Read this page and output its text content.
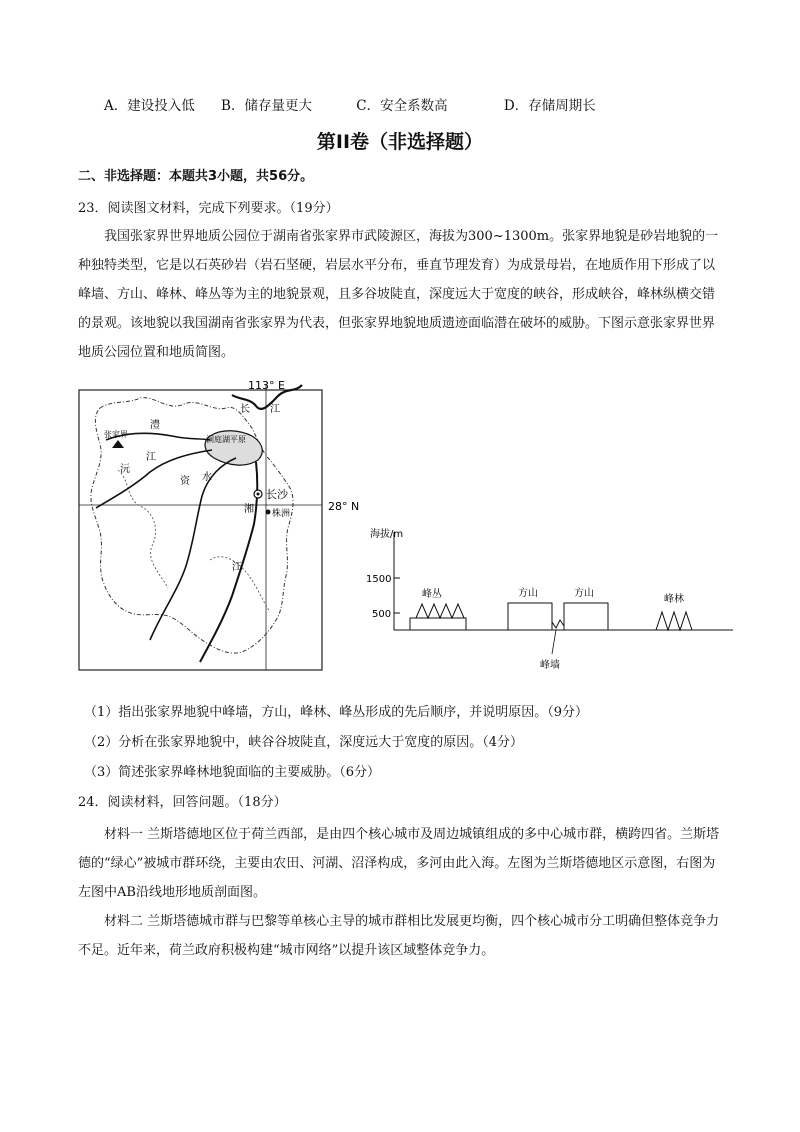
A．建设投入低 B．储存量更大	C．安全系数高	D．存储周期长
第II卷（非选择题）
二、非选择题：本题共3小题，共56分。
23．阅读图文材料，完成下列要求。（19分）

我国张家界世界地质公园位于湖南省张家界市武陵源区，海拔为300~1300m。张家界地貌是砂岩地貌的一种独特类型，它是以石英砂岩（岩石坚硬，岩层水平分布，垂直节理发育）为成景母岩，在地质作用下形成了以峰墙、方山、峰林、峰丛等为主的地貌景观，且多谷坡陡直，深度远大于宽度的峡谷，形成峡谷，峰林纵横交错的景观。该地貌以我国湖南省张家界为代表，但张家界地貌地质遗迹面临潜在破坏的威胁。下图示意张家界世界地质公园位置和地质简图。

113° E
28° N
张家界
澧
长 江
洞庭湖平原
沅
江
资 水
湘
长沙
株洲
江
海拔/m
1500
500
峰丛	方山	方山
峰墙
峰林
（1）指出张家界地貌中峰墙，方山，峰林、峰丛形成的先后顺序，并说明原因。（9分）
（2）分析在张家界地貌中，峡谷谷坡陡直，深度远大于宽度的原因。（4分）
（3）简述张家界峰林地貌面临的主要威胁。（6分）
24．阅读材料，回答问题。（18分）

材料一 兰斯塔德地区位于荷兰西部，是由四个核心城市及周边城镇组成的多中心城市群，横跨四省。兰斯塔德的“绿心”被城市群环绕，主要由农田、河湖、沼泽构成，多河由此入海。左图为兰斯塔德地区示意图，右图为左图中AB沿线地形地质剖面图。

材料二 兰斯塔德城市群与巴黎等单核心主导的城市群相比发展更均衡，四个核心城市分工明确但整体竞争力不足。近年来，荷兰政府积极构建“城市网络”以提升该区域整体竞争力。
